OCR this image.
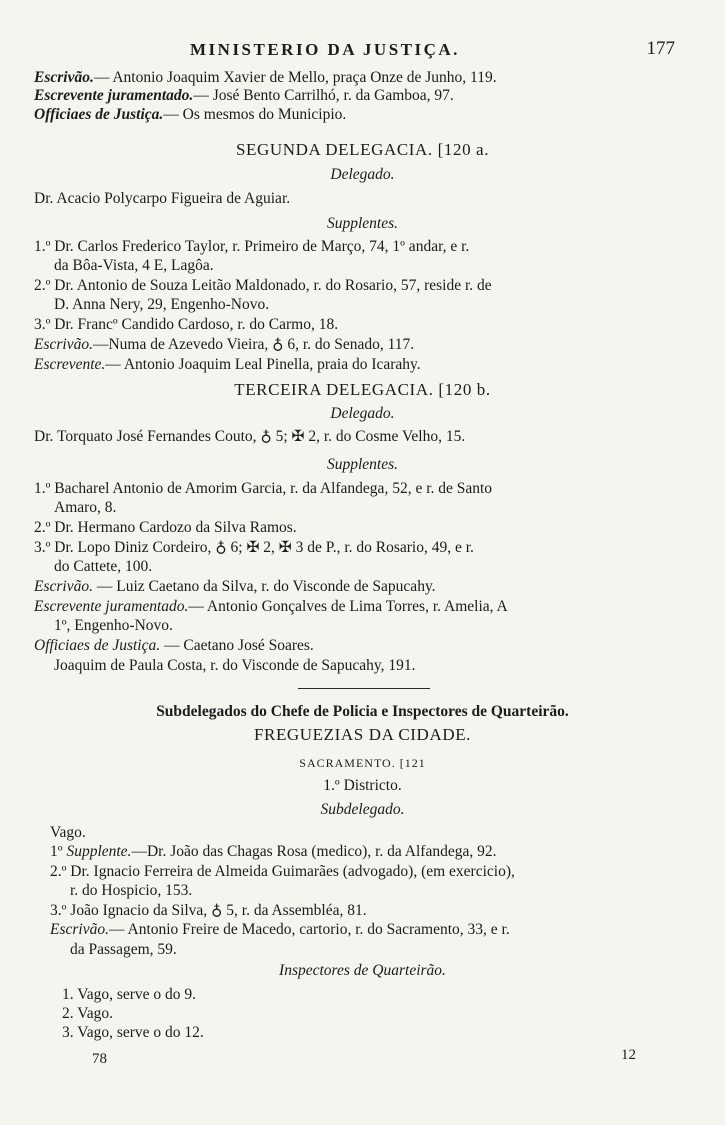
MINISTERIO DA JUSTIÇA.	177
Escrivão.— Antonio Joaquim Xavier de Mello, praça Onze de Junho, 119.
Escrevente juramentado.— José Bento Carrilhó, r. da Gamboa, 97.
Officiaes de Justiça.— Os mesmos do Municipio.
SEGUNDA DELEGACIA. [120 a.
Delegado.
Dr. Acacio Polycarpo Figueira de Aguiar.
Supplentes.
1.º Dr. Carlos Frederico Taylor, r. Primeiro de Março, 74, 1º andar, e r.
da Bôa-Vista, 4 E, Lagôa.
2.º Dr. Antonio de Souza Leitão Maldonado, r. do Rosario, 57, reside r. de
D. Anna Nery, 29, Engenho-Novo.
3.º Dr. Francº Candido Cardoso, r. do Carmo, 18.
Escrivão.—Numa de Azevedo Vieira, ♁ 6, r. do Senado, 117.
Escrevente.— Antonio Joaquim Leal Pinella, praia do Icarahy.
TERCEIRA DELEGACIA. [120 b.
Delegado.
Dr. Torquato José Fernandes Couto, ♁ 5; ✠ 2, r. do Cosme Velho, 15.
Supplentes.
1.º Bacharel Antonio de Amorim Garcia, r. da Alfandega, 52, e r. de Santo
Amaro, 8.
2.º Dr. Hermano Cardozo da Silva Ramos.
3.º Dr. Lopo Diniz Cordeiro, ♁ 6; ✠ 2, ✠ 3 de P., r. do Rosario, 49, e r.
do Cattete, 100.
Escrivão. — Luiz Caetano da Silva, r. do Visconde de Sapucahy.
Escrevente juramentado.— Antonio Gonçalves de Lima Torres, r. Amelia, A
1º, Engenho-Novo.
Officiaes de Justiça. — Caetano José Soares.
Joaquim de Paula Costa, r. do Visconde de Sapucahy, 191.
Subdelegados do Chefe de Policia e Inspectores de Quarteirão.
FREGUEZIAS DA CIDADE.
SACRAMENTO. [121
1.º Districto.
Subdelegado.
Vago.
1º Supplente.—Dr. João das Chagas Rosa (medico), r. da Alfandega, 92.
2.º Dr. Ignacio Ferreira de Almeida Guimarães (advogado), (em exercicio),
r. do Hospicio, 153.
3.º João Ignacio da Silva, ♁ 5, r. da Assembléa, 81.
Escrivão.— Antonio Freire de Macedo, cartorio, r. do Sacramento, 33, e r.
da Passagem, 59.
Inspectores de Quarteirão.
1. Vago, serve o do 9.
2. Vago.
3. Vago, serve o do 12.
78	12
